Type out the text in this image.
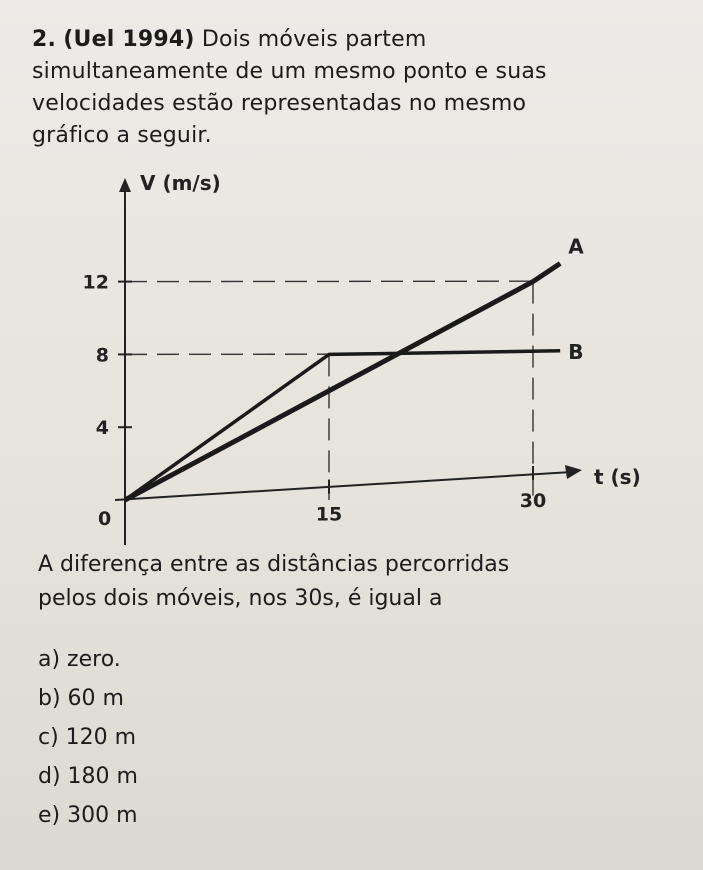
2. (Uel 1994) Dois móveis partem
simultaneamente de um mesmo ponto e suas
velocidades estão representadas no mesmo
gráfico a seguir.
4
8
12
15
30
A
B
V (m/s)
t (s)
0
A diferença entre as distâncias percorridas
pelos dois móveis, nos 30s, é igual a
a) zero.
b) 60 m
c) 120 m
d) 180 m
e) 300 m
